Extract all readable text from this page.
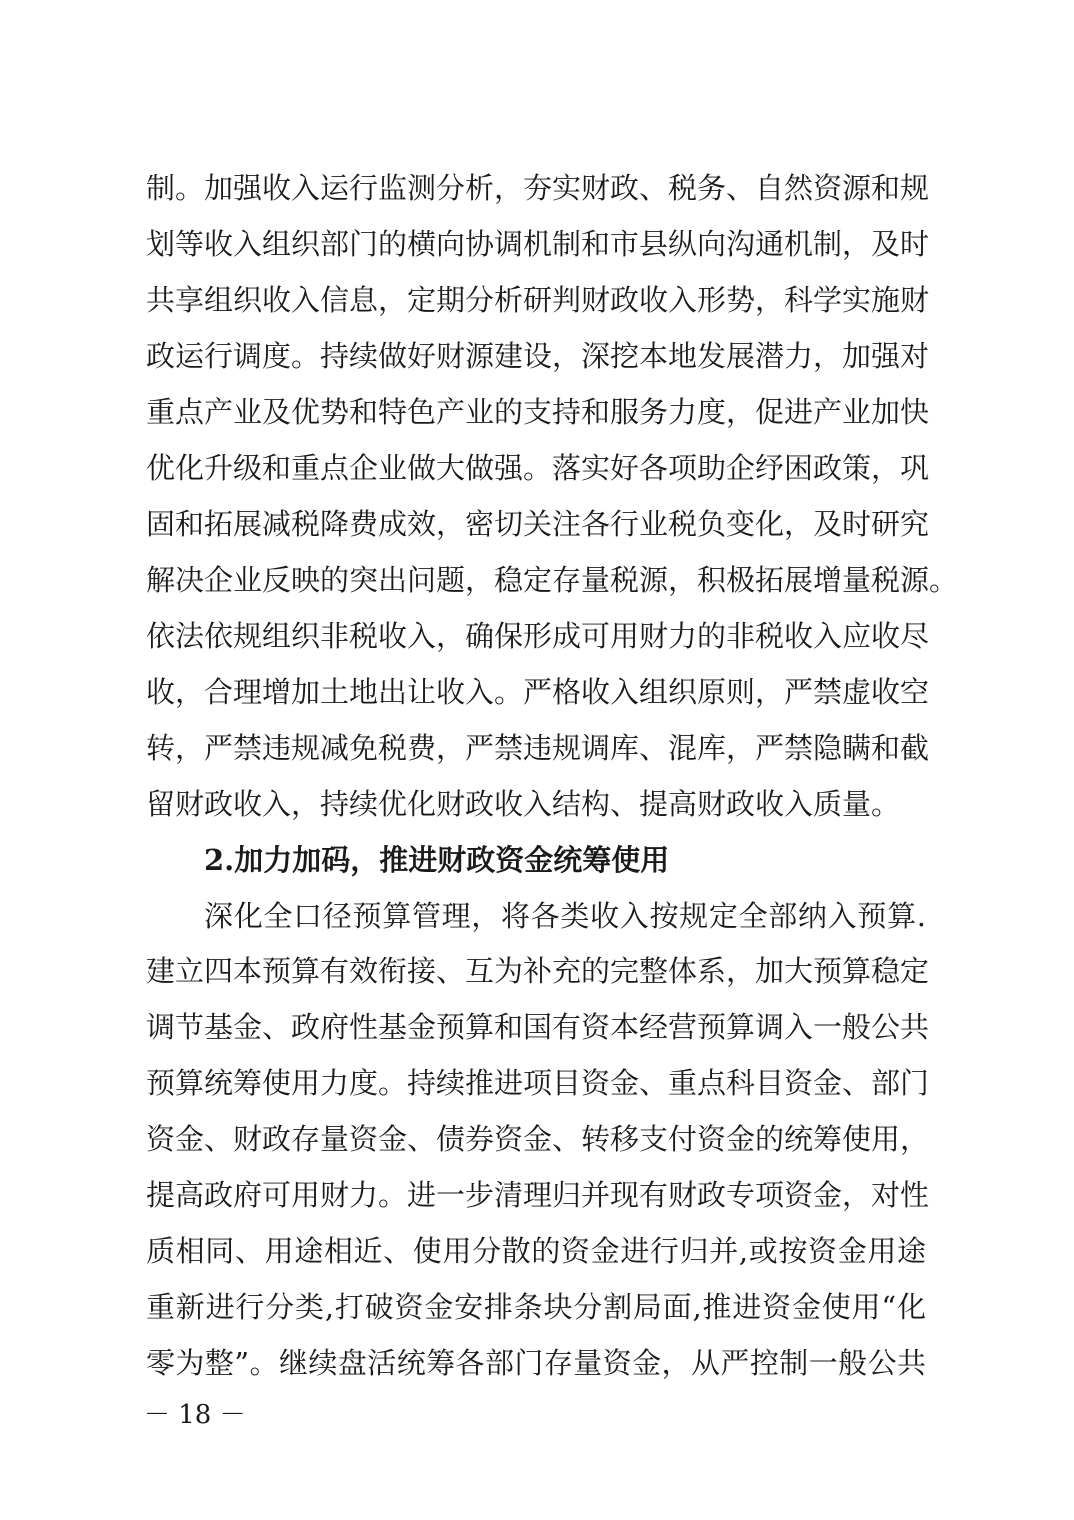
制。加强收入运行监测分析，夯实财政、税务、自然资源和规
划等收入组织部门的横向协调机制和市县纵向沟通机制，及时
共享组织收入信息，定期分析研判财政收入形势，科学实施财
政运行调度。持续做好财源建设，深挖本地发展潜力，加强对
重点产业及优势和特色产业的支持和服务力度，促进产业加快
优化升级和重点企业做大做强。落实好各项助企纾困政策，巩
固和拓展减税降费成效，密切关注各行业税负变化，及时研究
解决企业反映的突出问题，稳定存量税源，积极拓展增量税源。
依法依规组织非税收入，确保形成可用财力的非税收入应收尽
收，合理增加土地出让收入。严格收入组织原则，严禁虚收空
转，严禁违规减免税费，严禁违规调库、混库，严禁隐瞒和截
留财政收入，持续优化财政收入结构、提高财政收入质量。
2.加力加码，推进财政资金统筹使用
深化全口径预算管理，将各类收入按规定全部纳入预算.
建立四本预算有效衔接、互为补充的完整体系，加大预算稳定
调节基金、政府性基金预算和国有资本经营预算调入一般公共
预算统筹使用力度。持续推进项目资金、重点科目资金、部门
资金、财政存量资金、债券资金、转移支付资金的统筹使用，
提高政府可用财力。进一步清理归并现有财政专项资金，对性
质相同、用途相近、使用分散的资金进行归并,或按资金用途
重新进行分类,打破资金安排条块分割局面,推进资金使用“化
零为整”。继续盘活统筹各部门存量资金，从严控制一般公共
－ 18 －
